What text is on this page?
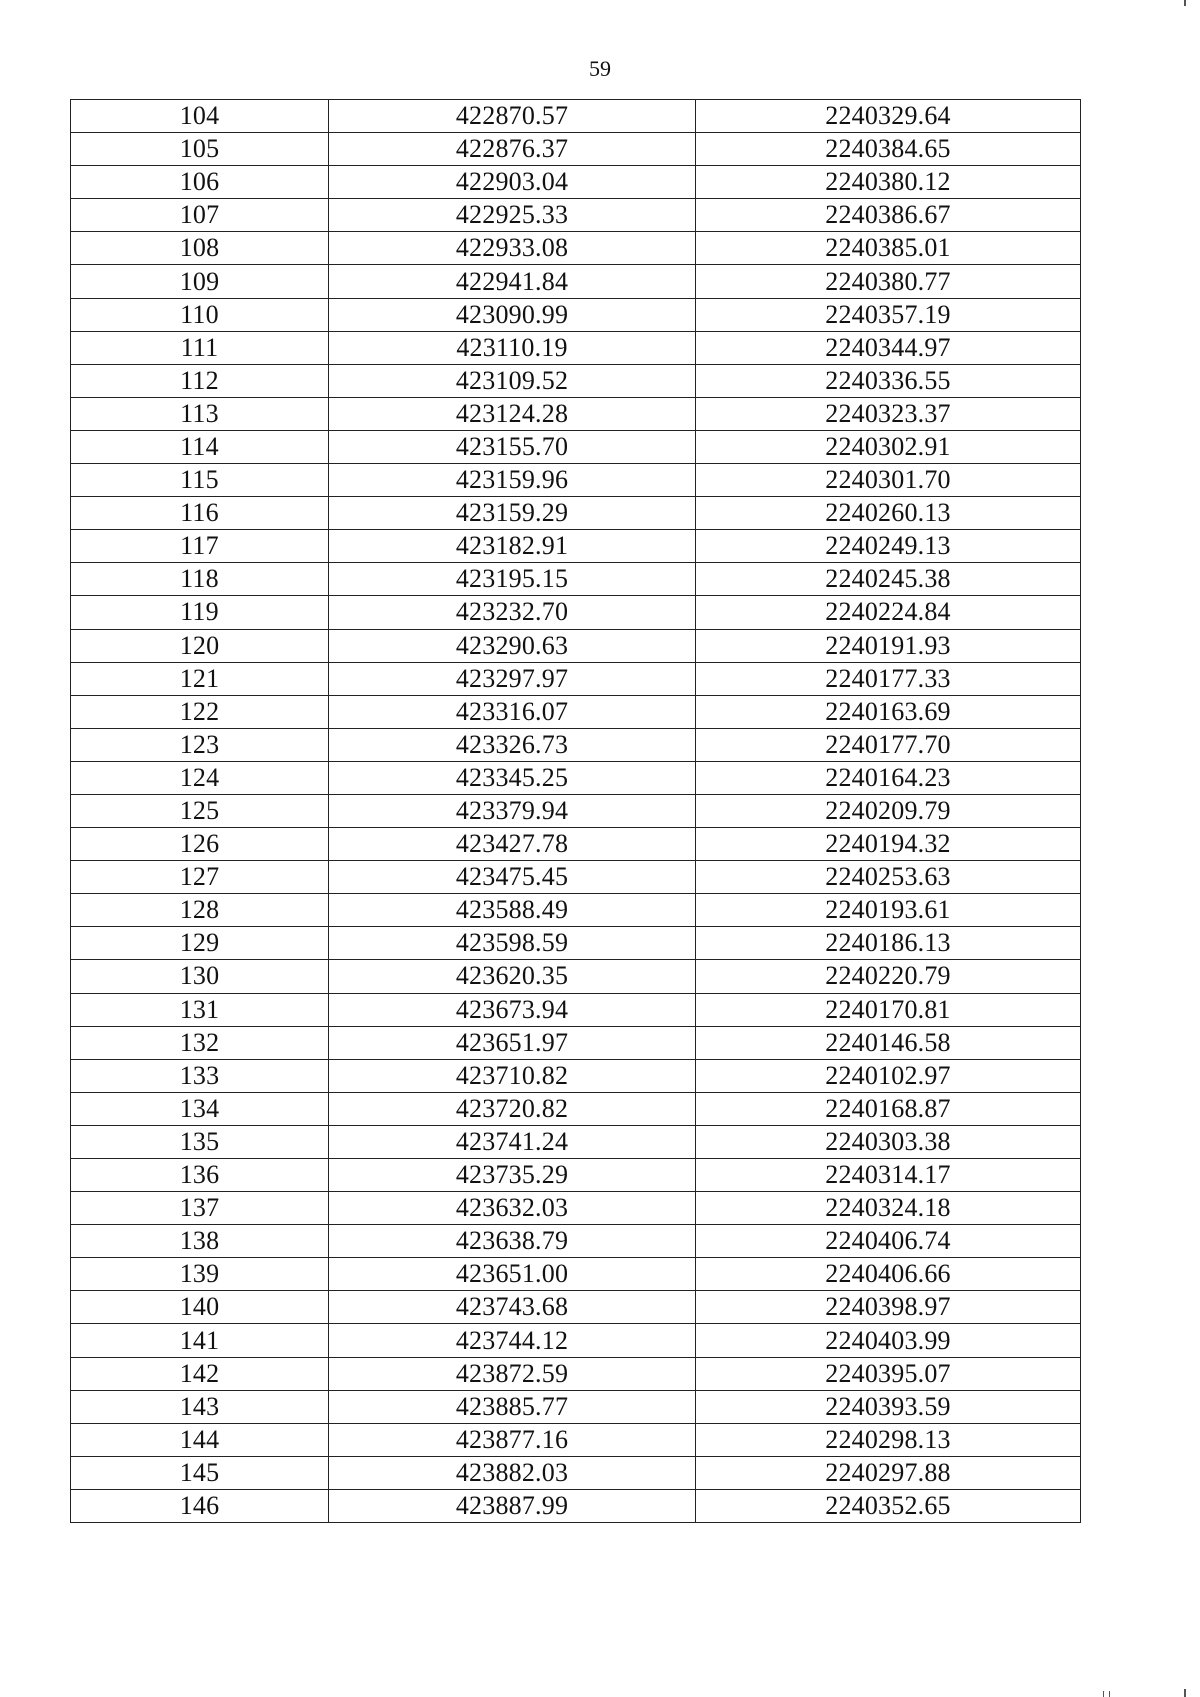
59
104	422870.57	2240329.64
105	422876.37	2240384.65
106	422903.04	2240380.12
107	422925.33	2240386.67
108	422933.08	2240385.01
109	422941.84	2240380.77
110	423090.99	2240357.19
111	423110.19	2240344.97
112	423109.52	2240336.55
113	423124.28	2240323.37
114	423155.70	2240302.91
115	423159.96	2240301.70
116	423159.29	2240260.13
117	423182.91	2240249.13
118	423195.15	2240245.38
119	423232.70	2240224.84
120	423290.63	2240191.93
121	423297.97	2240177.33
122	423316.07	2240163.69
123	423326.73	2240177.70
124	423345.25	2240164.23
125	423379.94	2240209.79
126	423427.78	2240194.32
127	423475.45	2240253.63
128	423588.49	2240193.61
129	423598.59	2240186.13
130	423620.35	2240220.79
131	423673.94	2240170.81
132	423651.97	2240146.58
133	423710.82	2240102.97
134	423720.82	2240168.87
135	423741.24	2240303.38
136	423735.29	2240314.17
137	423632.03	2240324.18
138	423638.79	2240406.74
139	423651.00	2240406.66
140	423743.68	2240398.97
141	423744.12	2240403.99
142	423872.59	2240395.07
143	423885.77	2240393.59
144	423877.16	2240298.13
145	423882.03	2240297.88
146	423887.99	2240352.65
